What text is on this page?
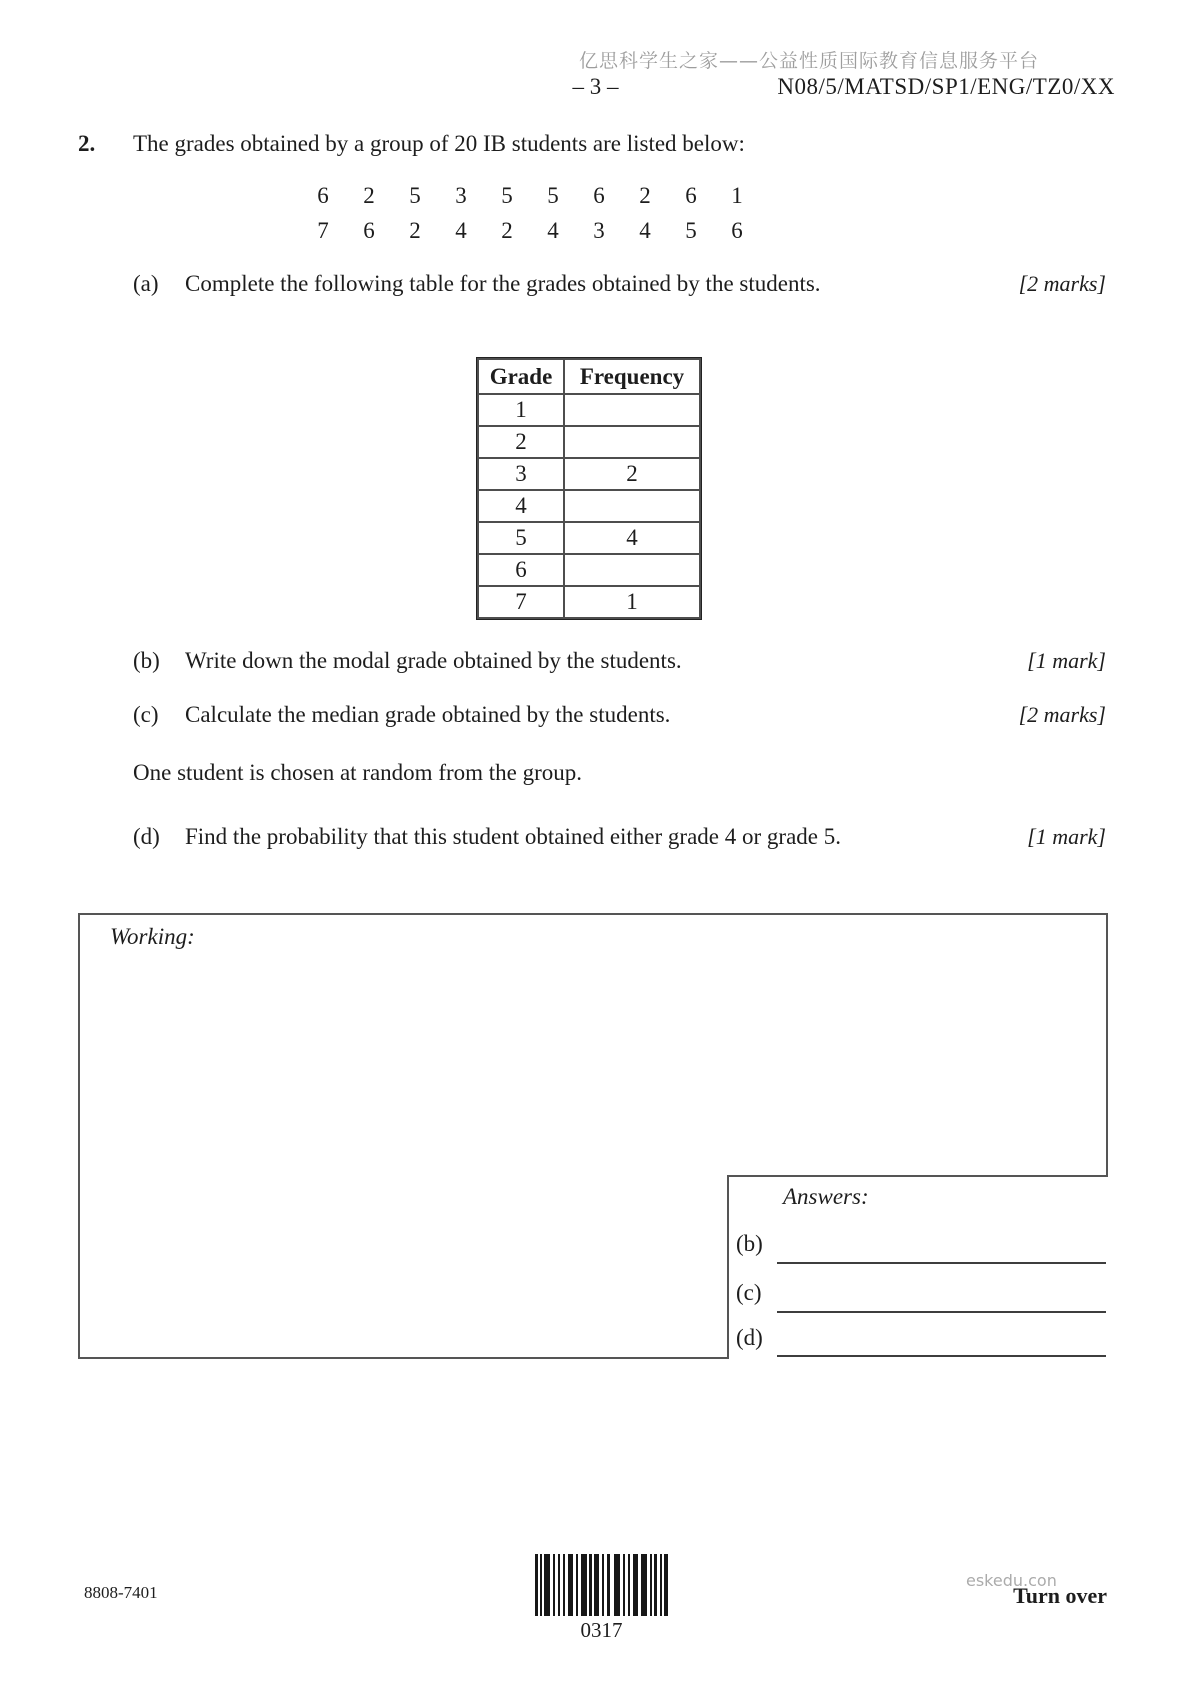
亿思科学生之家——公益性质国际教育信息服务平台
– 3 –	N08/5/MATSD/SP1/ENG/TZ0/XX
2. The grades obtained by a group of 20 IB students are listed below:
6	2	5	3	5	5	6	2	6	1
7	6	2	4	2	4	3	4	5	6
(a) Complete the following table for the grades obtained by the students.	[2 marks]
Grade	Frequency
1	
2	
3	2
4	
5	4
6	
7	1
(b) Write down the modal grade obtained by the students.	[1 mark]
(c) Calculate the median grade obtained by the students.	[2 marks]
One student is chosen at random from the group.
(d) Find the probability that this student obtained either grade 4 or grade 5.	[1 mark]
Working:
Answers:
(b)
(c)
(d)
8808-7401
0317
eskedu.con
Turn over
